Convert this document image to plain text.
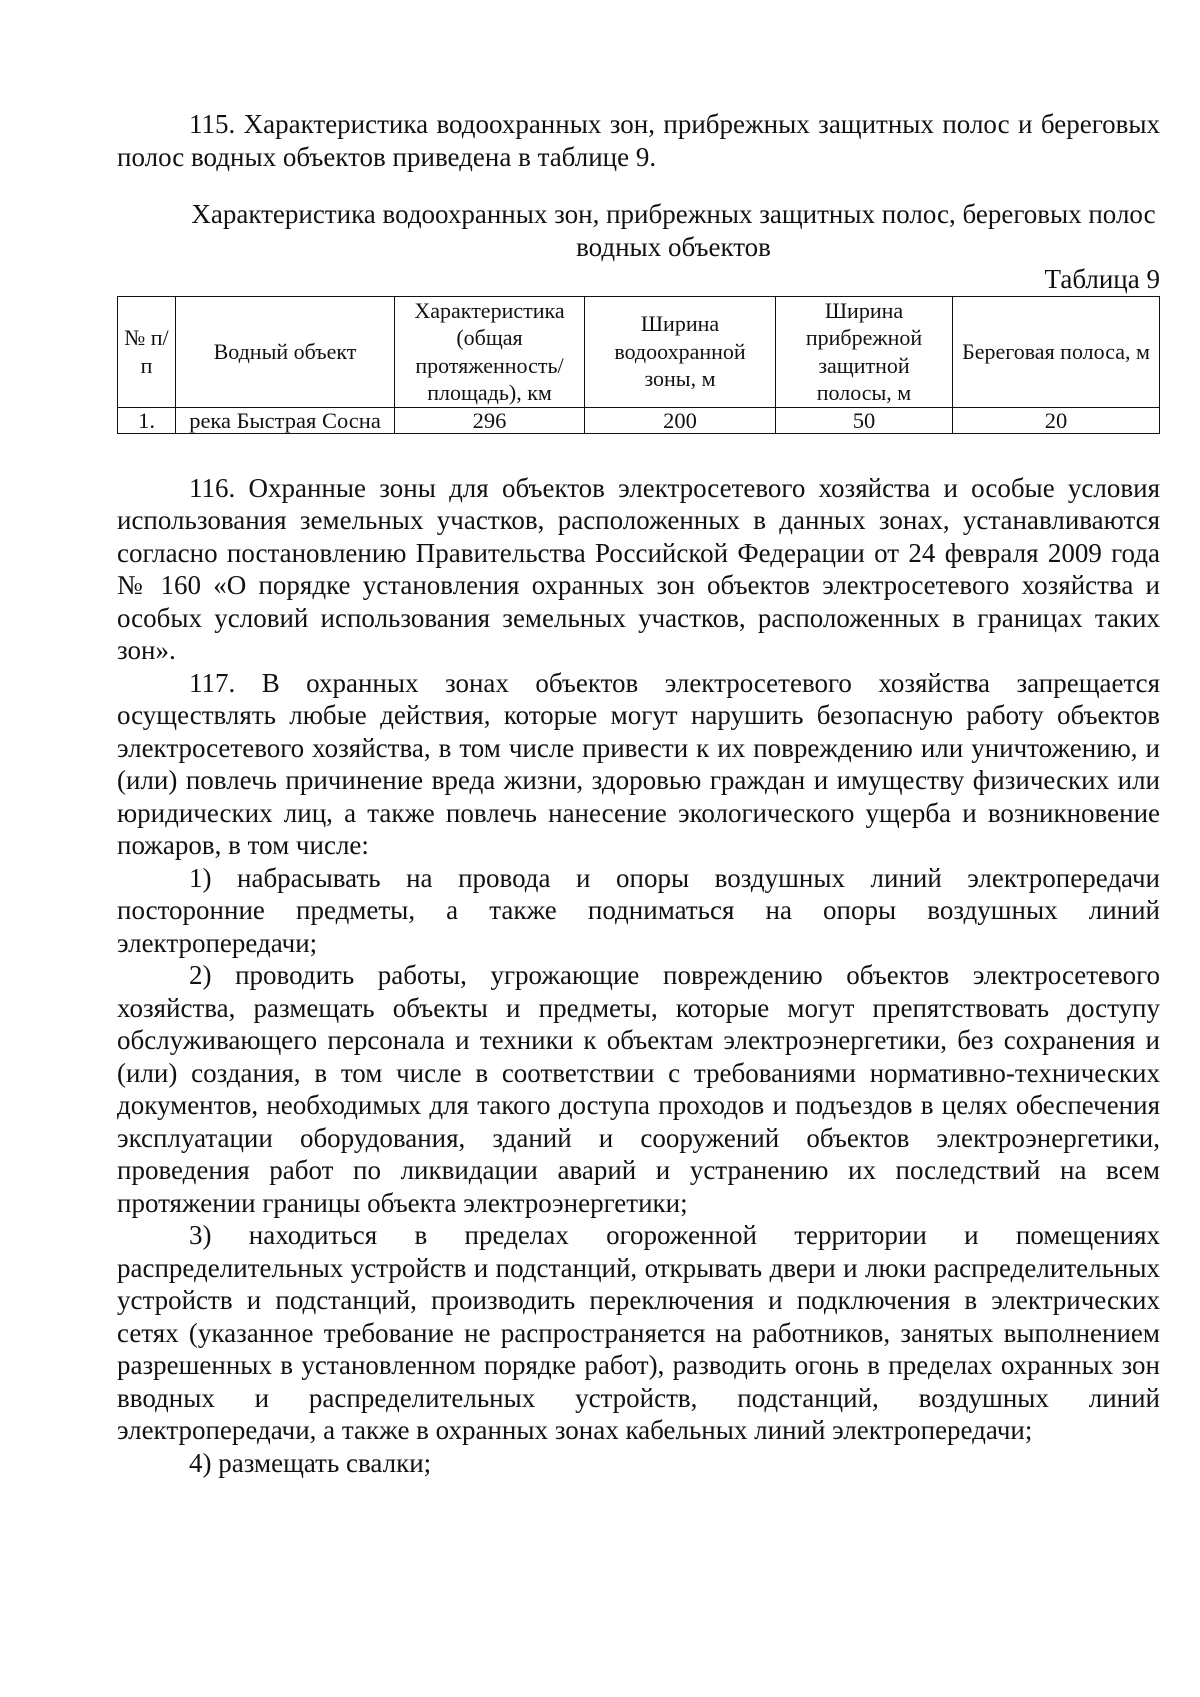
115. Характеристика водоохранных зон, прибрежных защитных полос и береговых полос водных объектов приведена в таблице 9.

Характеристика водоохранных зон, прибрежных защитных полос, береговых полос водных объектов
Таблица 9
№ п/п	Водный объект	Характеристика (общая протяженность/ площадь), км	Ширина водоохранной зоны, м	Ширина прибрежной защитной полосы, м	Береговая полоса, м
1.	река Быстрая Сосна	296	200	50	20

116. Охранные зоны для объектов электросетевого хозяйства и особые условия использования земельных участков, расположенных в данных зонах, устанавливаются согласно постановлению Правительства Российской Федерации от 24 февраля 2009 года № 160 «О порядке установления охранных зон объектов электросетевого хозяйства и особых условий использования земельных участков, расположенных в границах таких зон».

117. В охранных зонах объектов электросетевого хозяйства запрещается осуществлять любые действия, которые могут нарушить безопасную работу объектов электросетевого хозяйства, в том числе привести к их повреждению или уничтожению, и (или) повлечь причинение вреда жизни, здоровью граждан и имуществу физических или юридических лиц, а также повлечь нанесение экологического ущерба и возникновение пожаров, в том числе:

1) набрасывать на провода и опоры воздушных линий электропередачи посторонние предметы, а также подниматься на опоры воздушных линий электропередачи;

2) проводить работы, угрожающие повреждению объектов электросетевого хозяйства, размещать объекты и предметы, которые могут препятствовать доступу обслуживающего персонала и техники к объектам электроэнергетики, без сохранения и (или) создания, в том числе в соответствии с требованиями нормативно-технических документов, необходимых для такого доступа проходов и подъездов в целях обеспечения эксплуатации оборудования, зданий и сооружений объектов электроэнергетики, проведения работ по ликвидации аварий и устранению их последствий на всем протяжении границы объекта электроэнергетики;

3) находиться в пределах огороженной территории и помещениях распределительных устройств и подстанций, открывать двери и люки распределительных устройств и подстанций, производить переключения и подключения в электрических сетях (указанное требование не распространяется на работников, занятых выполнением разрешенных в установленном порядке работ), разводить огонь в пределах охранных зон вводных и распределительных устройств, подстанций, воздушных линий электропередачи, а также в охранных зонах кабельных линий электропередачи;

4) размещать свалки;
